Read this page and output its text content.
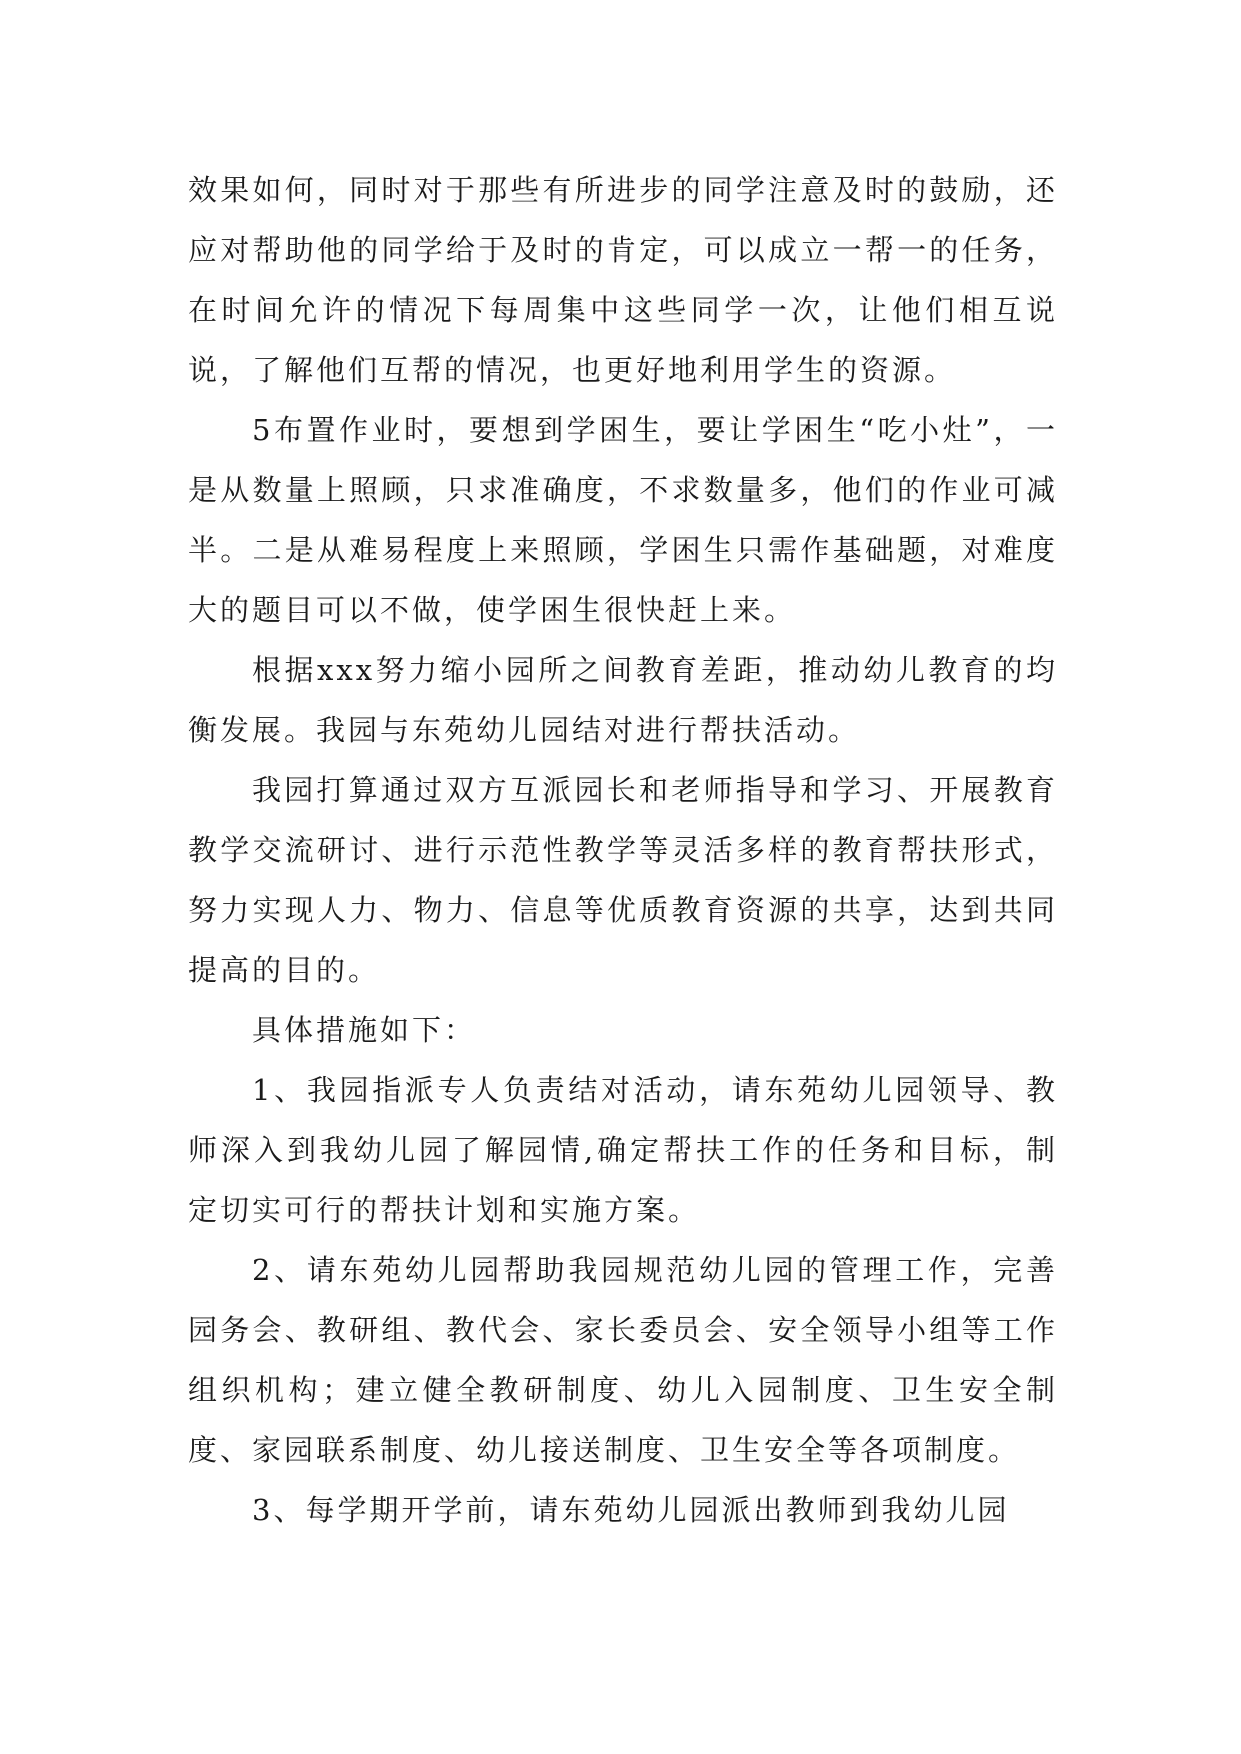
效果如何，同时对于那些有所进步的同学注意及时的鼓励，还应对帮助他的同学给于及时的肯定，可以成立一帮一的任务，在时间允许的情况下每周集中这些同学一次，让他们相互说说，了解他们互帮的情况，也更好地利用学生的资源。

5布置作业时，要想到学困生，要让学困生“吃小灶”，一是从数量上照顾，只求准确度，不求数量多，他们的作业可减半。二是从难易程度上来照顾，学困生只需作基础题，对难度大的题目可以不做，使学困生很快赶上来。

根据xxx努力缩小园所之间教育差距，推动幼儿教育的均衡发展。我园与东苑幼儿园结对进行帮扶活动。

我园打算通过双方互派园长和老师指导和学习、开展教育教学交流研讨、进行示范性教学等灵活多样的教育帮扶形式，努力实现人力、物力、信息等优质教育资源的共享，达到共同提高的目的。

具体措施如下：

1、我园指派专人负责结对活动，请东苑幼儿园领导、教师深入到我幼儿园了解园情,确定帮扶工作的任务和目标，制定切实可行的帮扶计划和实施方案。

2、请东苑幼儿园帮助我园规范幼儿园的管理工作，完善园务会、教研组、教代会、家长委员会、安全领导小组等工作组织机构；建立健全教研制度、幼儿入园制度、卫生安全制度、家园联系制度、幼儿接送制度、卫生安全等各项制度。

3、每学期开学前，请东苑幼儿园派出教师到我幼儿园
